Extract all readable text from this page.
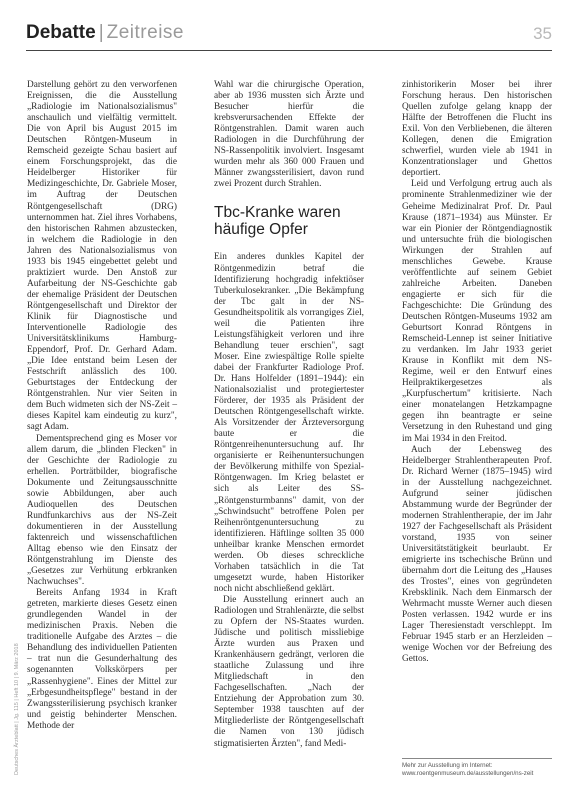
Debatte | Zeitreise	35
Deutsches Ärzteblatt | Jg. 115 | Heft 10 | 9. März 2018

Darstellung gehört zu den verworfenen Ereignissen, die die Ausstellung „Radiologie im Nationalsozialismus" anschaulich und vielfältig vermittelt. Die von April bis August 2015 im Deutschen Röntgen-Museum in Remscheid gezeigte Schau basiert auf einem Forschungsprojekt, das die Heidelberger Historiker für Medizingeschichte, Dr. Gabriele Moser, im Auftrag der Deutschen Röntgengesellschaft (DRG) unternommen hat. Ziel ihres Vorhabens, den historischen Rahmen abzustecken, in welchem die Radiologie in den Jahren des Nationalsozialismus von 1933 bis 1945 eingebettet gelebt und praktiziert wurde. Den Anstoß zur Aufarbeitung der NS-Geschichte gab der ehemalige Präsident der Deutschen Röntgengesellschaft und Direktor der Klinik für Diagnostische und Interventionelle Radiologie des Universitätsklinikums Hamburg-Eppendorf, Prof. Dr. Gerhard Adam. „Die Idee entstand beim Lesen der Festschrift anlässlich des 100. Geburtstages der Entdeckung der Röntgenstrahlen. Nur vier Seiten in dem Buch widmeten sich der NS-Zeit – dieses Kapitel kam eindeutig zu kurz", sagt Adam.

Dementsprechend ging es Moser vor allem darum, die „blinden Flecken" in der Geschichte der Radiologie zu erhellen. Porträtbilder, biografische Dokumente und Zeitungsausschnitte sowie Abbildungen, aber auch Audioquellen des Deutschen Rundfunkarchivs aus der NS-Zeit dokumentieren in der Ausstellung faktenreich und wissenschaftlichen Alltag ebenso wie den Einsatz der Röntgenstrahlung im Dienste des „Gesetzes zur Verhütung erbkranken Nachwuchses".

Bereits Anfang 1934 in Kraft getreten, markierte dieses Gesetz einen grundlegenden Wandel in der medizinischen Praxis. Neben die traditionelle Aufgabe des Arztes – die Behandlung des individuellen Patienten – trat nun die Gesunderhaltung des sogenannten Volkskörpers per „Rassenhygiene". Eines der Mittel zur „Erbgesundheitspflege" bestand in der Zwangssterilisierung psychisch kranker und geistig behinderter Menschen. Methode der

Wahl war die chirurgische Operation, aber ab 1936 mussten sich Ärzte und Besucher hierfür die krebsverursachenden Effekte der Röntgenstrahlen. Damit waren auch Radiologen in die Durchführung der NS-Rassenpolitik involviert. Insgesamt wurden mehr als 360 000 Frauen und Männer zwangssterilisiert, davon rund zwei Prozent durch Strahlen.

Tbc-Kranke waren häufige Opfer

Ein anderes dunkles Kapitel der Röntgenmedizin betraf die Identifizierung hochgradig infektiöser Tuberkulosekranker. „Die Bekämpfung der Tbc galt in der NS-Gesundheitspolitik als vorrangiges Ziel, weil die Patienten ihre Leistungsfähigkeit verloren und ihre Behandlung teuer erschien", sagt Moser. Eine zwiespältige Rolle spielte dabei der Frankfurter Radiologe Prof. Dr. Hans Holfelder (1891–1944): ein Nationalsozialist und protegiertester Förderer, der 1935 als Präsident der Deutschen Röntgengesellschaft wirkte. Als Vorsitzender der Ärzteversorgung baute er die Röntgenreihenuntersuchung auf. Ihr organisierte er Reihenuntersuchungen der Bevölkerung mithilfe von Spezial-Röntgenwagen. Im Krieg belastet er sich als Leiter des SS-„Röntgensturmbanns" damit, von der „Schwindsucht" betroffene Polen per Reihenröntgenuntersuchung zu identifizieren. Häftlinge sollten 35 000 unheilbar kranke Menschen ermordet werden. Ob dieses schreckliche Vorhaben tatsächlich in die Tat umgesetzt wurde, haben Historiker noch nicht abschließend geklärt.

Die Ausstellung erinnert auch an Radiologen und Strahlenärzte, die selbst zu Opfern der NS-Staates wurden. Jüdische und politisch missliebige Ärzte wurden aus Praxen und Krankenhäusern gedrängt, verloren die staatliche Zulassung und ihre Mitgliedschaft in den Fachgesellschaften. „Nach der Entziehung der Approbation zum 30. September 1938 tauschten auf der Mitgliederliste der Röntgengesellschaft die Namen von 130 jüdisch stigmatisierten Ärzten", fand Medi-

zinhistorikerin Moser bei ihrer Forschung heraus. Den historischen Quellen zufolge gelang knapp der Hälfte der Betroffenen die Flucht ins Exil. Von den Verbliebenen, die älteren Kollegen, denen die Emigration schwerfiel, wurden viele ab 1941 in Konzentrationslager und Ghettos deportiert.

Leid und Verfolgung ertrug auch als prominente Strahlenmediziner wie der Geheime Medizinalrat Prof. Dr. Paul Krause (1871–1934) aus Münster. Er war ein Pionier der Röntgendiagnostik und untersuchte früh die biologischen Wirkungen der Strahlen auf menschliches Gewebe. Krause veröffentlichte auf seinem Gebiet zahlreiche Arbeiten. Daneben engagierte er sich für die Fachgeschichte: Die Gründung des Deutschen Röntgen-Museums 1932 am Geburtsort Konrad Röntgens in Remscheid-Lennep ist seiner Initiative zu verdanken. Im Jahr 1933 geriet Krause in Konflikt mit dem NS-Regime, weil er den Entwurf eines Heilpraktikergesetzes als „Kurpfuschertum" kritisierte. Nach einer monatelangen Hetzkampagne gegen ihn beantragte er seine Versetzung in den Ruhestand und ging im Mai 1934 in den Freitod.

Auch der Lebensweg des Heidelberger Strahlentherapeuten Prof. Dr. Richard Werner (1875–1945) wird in der Ausstellung nachgezeichnet. Aufgrund seiner jüdischen Abstammung wurde der Begründer der modernen Strahlentherapie, der im Jahr 1927 der Fachgesellschaft als Präsident vorstand, 1935 von seiner Universitätstätigkeit beurlaubt. Er emigrierte ins tschechische Brünn und übernahm dort die Leitung des „Hauses des Trostes", eines von gegründeten Krebsklinik. Nach dem Einmarsch der Wehrmacht musste Werner auch diesen Posten verlassen. 1942 wurde er ins Lager Theresienstadt verschleppt. Im Februar 1945 starb er an Herzleiden – wenige Wochen vor der Befreiung des Gettos.

Mehr zur Ausstellung im Internet:
www.roentgenmuseum.de/ausstellungen/ns-zeit
